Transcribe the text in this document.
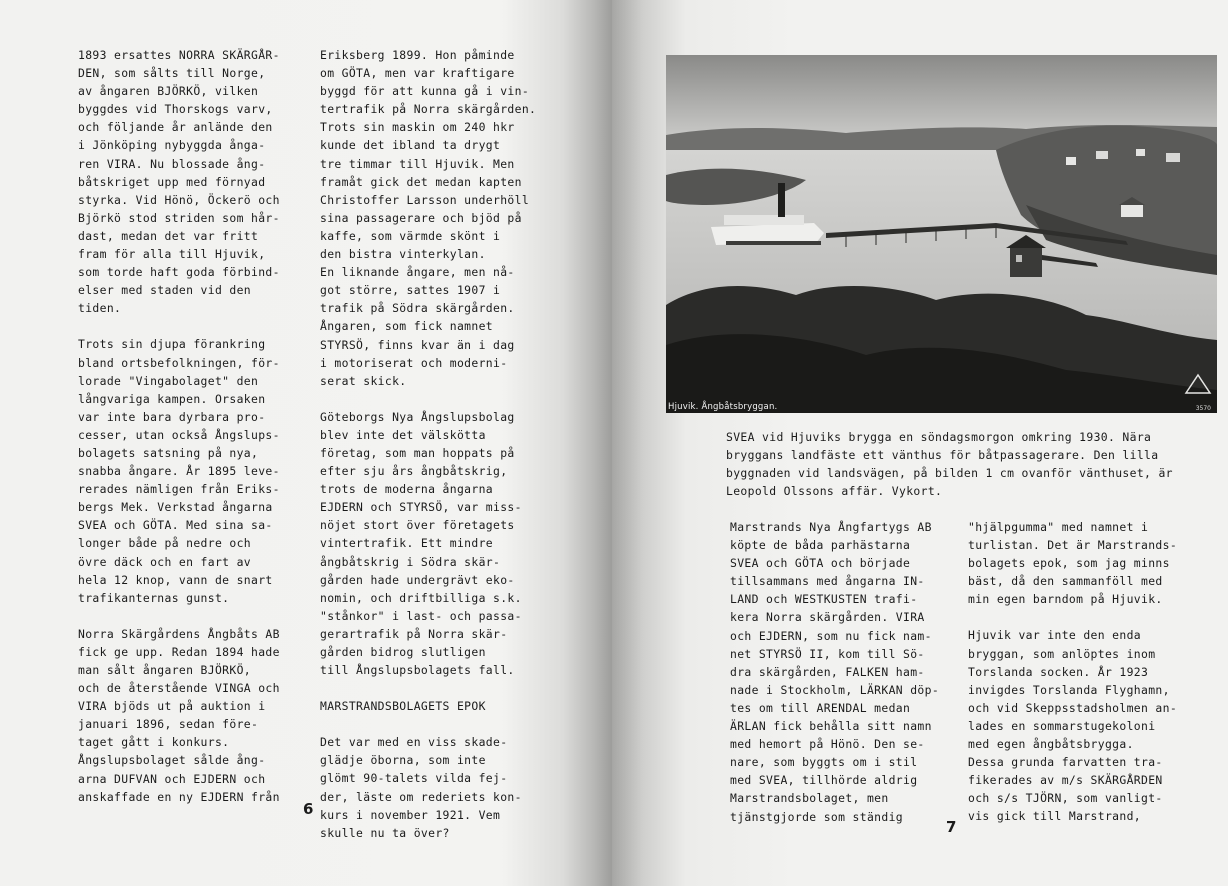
1893 ersattes NORRA SKÄRGÅR-
DEN, som sålts till Norge,
av ångaren BJÖRKÖ, vilken
byggdes vid Thorskogs varv,
och följande år anlände den
i Jönköping nybyggda ånga-
ren VIRA. Nu blossade ång-
båtskriget upp med förnyad
styrka. Vid Hönö, Öckerö och
Björkö stod striden som hår-
dast, medan det var fritt
fram för alla till Hjuvik,
som torde haft goda förbind-
elser med staden vid den
tiden.
Trots sin djupa förankring
bland ortsbefolkningen, för-
lorade "Vingabolaget" den
långvariga kampen. Orsaken
var inte bara dyrbara pro-
cesser, utan också Ångslups-
bolagets satsning på nya,
snabba ångare. År 1895 leve-
rerades nämligen från Eriks-
bergs Mek. Verkstad ångarna
SVEA och GÖTA. Med sina sa-
longer både på nedre och
övre däck och en fart av
hela 12 knop, vann de snart
trafikanternas gunst.
Norra Skärgårdens Ångbåts AB
fick ge upp. Redan 1894 hade
man sålt ångaren BJÖRKÖ,
och de återstående VINGA och
VIRA bjöds ut på auktion i
januari 1896, sedan före-
taget gått i konkurs.
Ångslupsbolaget sålde ång-
arna DUFVAN och EJDERN och
anskaffade en ny EJDERN från
Eriksberg 1899. Hon påminde
om GÖTA, men var kraftigare
byggd för att kunna gå i vin-
tertrafik på Norra skärgården.
Trots sin maskin om 240 hkr
kunde det ibland ta drygt
tre timmar till Hjuvik. Men
framåt gick det medan kapten
Christoffer Larsson underhöll
sina passagerare och bjöd på
kaffe, som värmde skönt i
den bistra vinterkylan.
En liknande ångare, men nå-
got större, sattes 1907 i
trafik på Södra skärgården.
Ångaren, som fick namnet
STYRSÖ, finns kvar än i dag
i motoriserat och moderni-
serat skick.
Göteborgs Nya Ångslupsbolag
blev inte det välskötta
företag, som man hoppats på
efter sju års ångbåtskrig,
trots de moderna ångarna
EJDERN och STYRSÖ, var miss-
nöjet stort över företagets
vintertrafik. Ett mindre
ångbåtskrig i Södra skär-
gården hade undergrävt eko-
nomin, och driftbilliga s.k.
"stånkor" i last- och passa-
gerartrafik på Norra skär-
gården bidrog slutligen
till Ångslupsbolagets fall.
MARSTRANDSBOLAGETS EPOK
Det var med en viss skade-
glädje öborna, som inte
glömt 90-talets vilda fej-
der, läste om rederiets kon-
kurs i november 1921. Vem
skulle nu ta över?
6
Hjuvik. Ångbåtsbryggan.	3570
SVEA vid Hjuviks brygga en söndagsmorgon omkring 1930. Nära
bryggans landfäste ett vänthus för båtpassagerare. Den lilla
byggnaden vid landsvägen, på bilden 1 cm ovanför vänthuset, är
Leopold Olssons affär. Vykort.
Marstrands Nya Ångfartygs AB
köpte de båda parhästarna
SVEA och GÖTA och började
tillsammans med ångarna IN-
LAND och WESTKUSTEN trafi-
kera Norra skärgården. VIRA
och EJDERN, som nu fick nam-
net STYRSÖ II, kom till Sö-
dra skärgården, FALKEN ham-
nade i Stockholm, LÄRKAN döp-
tes om till ARENDAL medan
ÄRLAN fick behålla sitt namn
med hemort på Hönö. Den se-
nare, som byggts om i stil
med SVEA, tillhörde aldrig
Marstrandsbolaget, men
tjänstgjorde som ständig
"hjälpgumma" med namnet i
turlistan. Det är Marstrands-
bolagets epok, som jag minns
bäst, då den sammanföll med
min egen barndom på Hjuvik.
Hjuvik var inte den enda
bryggan, som anlöptes inom
Torslanda socken. År 1923
invigdes Torslanda Flyghamn,
och vid Skeppsstadsholmen an-
lades en sommarstugekoloni
med egen ångbåtsbrygga.
Dessa grunda farvatten tra-
fikerades av m/s SKÄRGÅRDEN
och s/s TJÖRN, som vanligt-
vis gick till Marstrand,
7
